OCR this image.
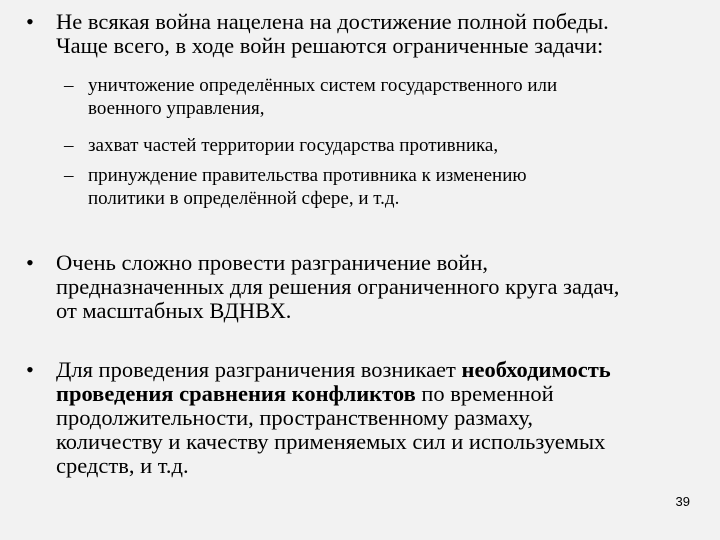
• Не всякая война нацелена на достижение полной победы.
Чаще всего, в ходе войн решаются ограниченные задачи:
– уничтожение определённых систем государственного или
военного управления,
– захват частей территории государства противника,
– принуждение правительства противника к изменению
политики в определённой сфере, и т.д.
• Очень сложно провести разграничение войн,
предназначенных для решения ограниченного круга задач,
от масштабных ВДНВХ.
• Для проведения разграничения возникает необходимость
проведения сравнения конфликтов по временной
продолжительности, пространственному размаху,
количеству и качеству применяемых сил и используемых
средств, и т.д.
39
